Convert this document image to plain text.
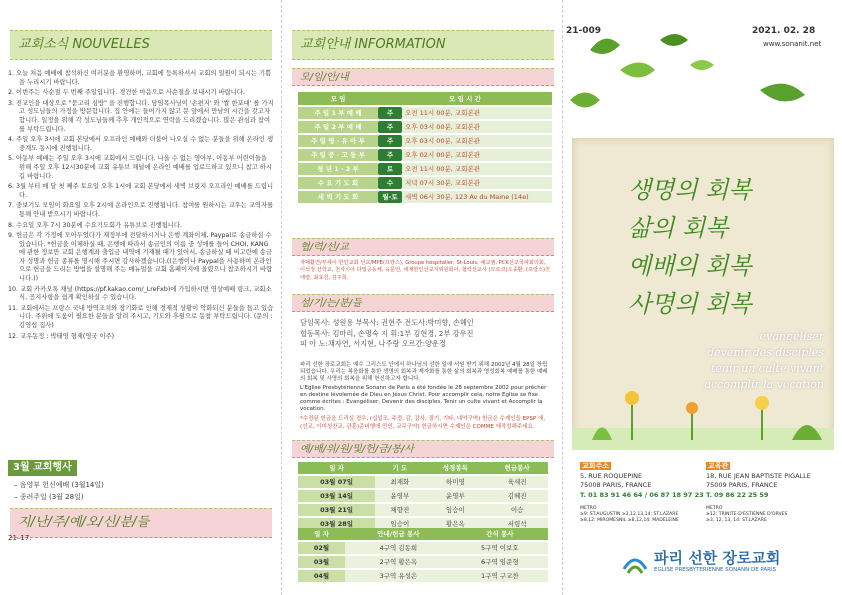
교회소식 NOUVELLES
1. 오늘 처음 예배에 참석하신 여러분을 환영하며, 교회에 등록하셔서 교회의 일원이 되시는 기쁨을 누리시기 바랍니다.
2. 이번주는 사순절 두 번째 주일입니다. 경건한 마음으로 사순절을 보내시기 바랍니다.
3. 전교인을 대상으로 "묻고리 심방" 을 진행합니다. 담임목사님이 '손편지' 와 '쌀 한포대' 를 가지고 성도님들의 가정을 방문합니다. 집 안에는 들어가지 않고 문 앞에서 만남의 시간을 갖고자 합니다. 일정을 위해 각 성도님들께 추후 개인적으로 연락을 드리겠습니다. 많은 관심과 참여를 부탁드립니다.
4. 주일 오후 3시에 교회 본당에서 오프라인 예배와 더불어 나오실 수 없는 분들을 위해 온라인 생중계도 동시에 진행됩니다.
5. 아동부 예배는 주일 오후 3시에 교회에서 드립니다. 나올 수 없는 영아부, 아동부 어린이들을 위해 주일 오후 12시30분에 교회 유튜브 채널에 온라인 예배를 업로드하고 있으니 참고 하시길 바랍니다.
6. 3월 부터 매 달 첫 째주 토요일 오후 1시에 교회 본당에서 새벽 브릿지 오프라인 예배를 드립니다.
7. 중보기도 모임이 화요일 오후 2시에 온라인으로 진행됩니다. 참여를 원하시는 교우는 교역자를 통해 안내 받으시기 바랍니다.
8. 수요일 오후 7시 30분에 수요기도회가 유튜브로 진행됩니다.
9. 헌금은 각 가정에 모아두었다가 재정부에 전달하시거나 은행 계좌이체, Paypal로 송금하실 수 있습니다. *헌금을 이체하실 때, 은행에 따라서 송금인의 이름 중 성에를 들어 CHOI, KANG에 관한 정보만 교회 은행계좌 출입금 내역에 기재될 때가 있어서, 송금하실 때 비고란에 송금자 성명과 헌금 종류를 명시해 주시면 감사하겠습니다.((은행이나 Paypal을 사용하여 온라인으로 헌금을 드리는 방법을 설명해 주는 매뉴얼을 교회 홈페이지에 올렸으니 참조하시기 바랍니다.))
10. 교회 카카오톡 채널 (https://pf.kakao.com/_LreFxb)에 가입하시면 영상예배 링크, 교회소식, 공지사항을 쉽게 확인하실 수 있습니다.
11. 교회에서는 프랑스 국내 방역조치와 장기화로 인해 경제적 상황이 악화되신 분들을 돕고 있습니다. 주위에 도움이 필요한 분들을 알려 주시고, 기도와 후원으로 동참 부탁드립니다. (문의 : 김영섭 집사)
12. 교우동정 : 박태영 형제(영국 이주)
3월 교회행사
– 음영부 헌신예배 (3월14일)
– 종려주일 (3월 28일)
지/난/주/예/오/신/분/들
21–17.
교회안내 INFORMATION
모/임/안/내
모 임	모 임 시 간	
주 일 1 부 예 배	주	오전 11시 00분, 교회본관
주 일 2 부 예 배	주	오후 03시 00분, 교회본관
주 일 영 · 유 아 부	주	오후 03시 00분, 교회본관
주 일 중 · 고 등 부	주	오후 02시 00분, 교회본관
청 년 1 · 2 부	토	오전 11시 00분, 교회본관
수 요 기 도 회	수	저녁 07시 30분, 교회본관
새 벽 기 도 회	월-토	새벽 06시 30분, 123 Av du Maine (14e)
협/력/선/교
자페활연/부셰이 한인교회 선교/MPE(프랑스), Groupe hospitalier, St-Louis, 예교엠, PCK선교국파회의회, 이석정 선학교, 천자시아 다밀공동체, 육문언, 세계한인선교지위원회이, 협력선교사 (모로코)오종환, (프랑스)진태령, 최효진, 김주희.
섬/기/는/분/들
담임목사: 성원용 부목사: 권현주 전도사:박미향, 손혜인
협동목사: 김마리, 손명숙 지 휘:1부 김현경, 2부 강우진
피 아 노:채자연, 서지현, 나주랑 오르간:양운경
파리 선한 장로교회는 예수 그리스도 안에서 하나님의 선한 일에 서원 받기 위해 2002년 4월 28일 창립되었습니다. 우리는 복음화를 통한 생명의 회복과 제자화를 통한 삶의 회복과 영성회복 예배를 통한 예배의 회복 및 사명의 회복을 위해 헌신하고자 합니다.
L'Eglise Presbytérienne Sonann de Paris a été fondée le 28 septembre 2002 pour prêcher en destine lévolemée de Dieu en Jésus Christ. Pour accomplir cela, notre Eglise se fixe comme écrites : Evangéliser, Devenir des disciples, Tenir un culte vivant et Accomplir la vocation.
*수정된 헌금을 드리실 경우, (십일조, 주정, 감, 감사, 절기, 기타, 내역구역) 헌금은 수제인들 EPSP 에, (선교, 이미성찬교, 관혼)준비행에 만민, 교무구야) 헌금하시면 수제인은 COMME 에작성해주세요.
예/배/위/원/및/헌/금/봉/사
일 자	기 도	성경봉독	헌금봉사
03월 07일	최재화	하미영	육세진
03월 14일	윤영부	윤영부	김혜진
03월 21일	채향진	임승이	이승
03월 28일	임승이	황은옥	서령석
일 자	안내/헌금 봉사	간식 봉사
02월	4구역 김동희	5구역 이보호
03월	2구역 황은옥	6구역 임준형
04월	3구역 유성은	1구역 구교찬
21-009	2021. 02. 28
www.sonanit.net
생명의 회복
삶의 회복
예배의 회복
사명의 회복
évangéliser
devenir des disciples
tenir un culte vivant
accomplir la vocation
교회주소
5, RUE ROQUEPINE
75008 PARIS, FRANCE
T. 01 83 91 46 64 / 06 87 18 97 23
교육관
18, RUE JEAN BAPTISTE PIGALLE
75009 PARIS, FRANCE
T. 09 86 22 25 59
METRO
≥9: ST.AUGUSTIN ≥3,12,13,14: ST.LAZARE
≥8,12: MIROMESNIL ≥8,12,14: MADELEINE
METRO
≥12: TRINITE-D'ESTIENNE D'ORVES
≥3, 12, 13, 14: ST.LAZARE
파리 선한 장로교회
EGLISE PRESBYTERIENNE SONANN DE PARIS
